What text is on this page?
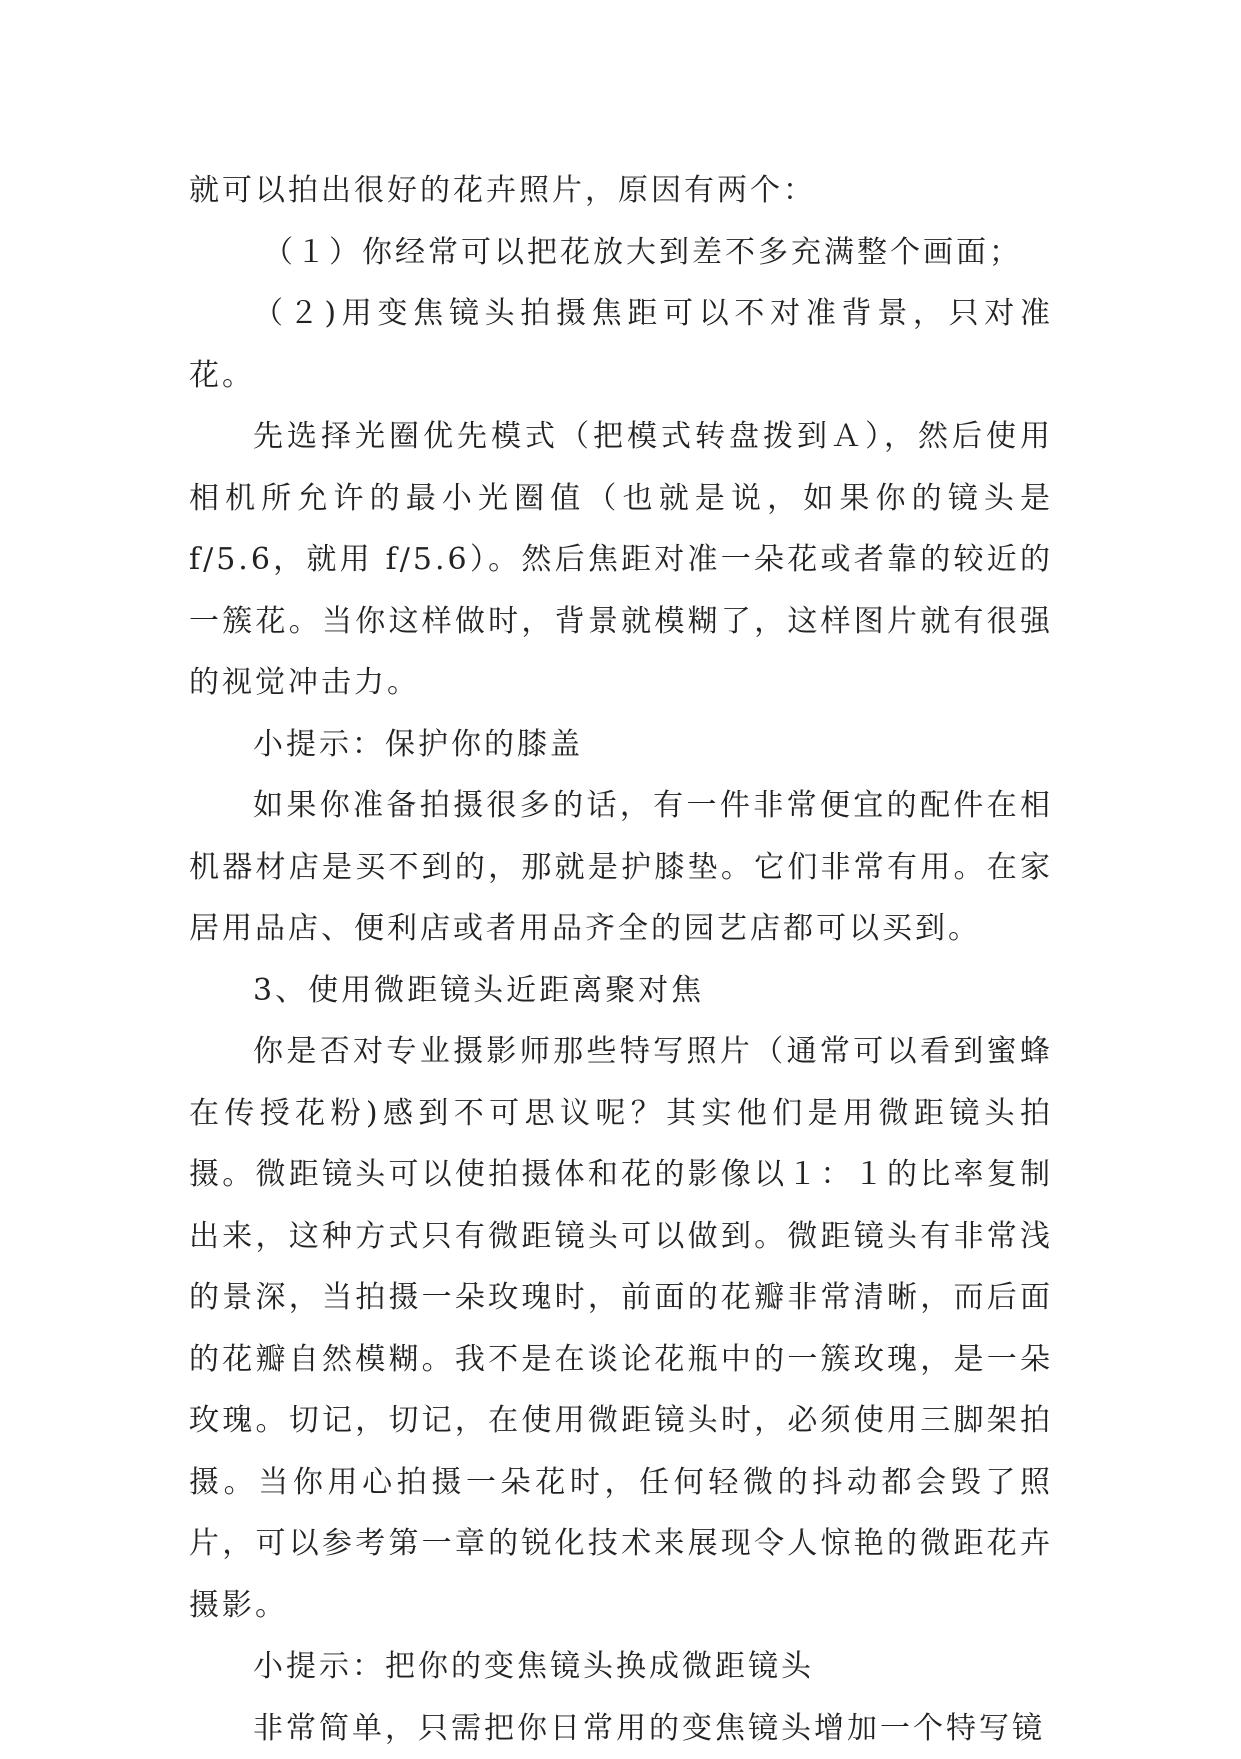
就可以拍出很好的花卉照片，原因有两个：

（１）你经常可以把花放大到差不多充满整个画面；

（２)用变焦镜头拍摄焦距可以不对准背景，只对准花。

先选择光圈优先模式（把模式转盘拨到Ａ），然后使用相机所允许的最小光圈值（也就是说，如果你的镜头是f/5.6，就用 f/5.6）。然后焦距对准一朵花或者靠的较近的一簇花。当你这样做时，背景就模糊了，这样图片就有很强的视觉冲击力。

小提示：保护你的膝盖

如果你准备拍摄很多的话，有一件非常便宜的配件在相机器材店是买不到的，那就是护膝垫。它们非常有用。在家居用品店、便利店或者用品齐全的园艺店都可以买到。

3、使用微距镜头近距离聚对焦

你是否对专业摄影师那些特写照片（通常可以看到蜜蜂在传授花粉)感到不可思议呢？其实他们是用微距镜头拍摄。微距镜头可以使拍摄体和花的影像以１：１的比率复制出来，这种方式只有微距镜头可以做到。微距镜头有非常浅的景深，当拍摄一朵玫瑰时，前面的花瓣非常清晰，而后面的花瓣自然模糊。我不是在谈论花瓶中的一簇玫瑰，是一朵玫瑰。切记，切记，在使用微距镜头时，必须使用三脚架拍摄。当你用心拍摄一朵花时，任何轻微的抖动都会毁了照片，可以参考第一章的锐化技术来展现令人惊艳的微距花卉摄影。

小提示：把你的变焦镜头换成微距镜头

非常简单，只需把你日常用的变焦镜头增加一个特写镜
